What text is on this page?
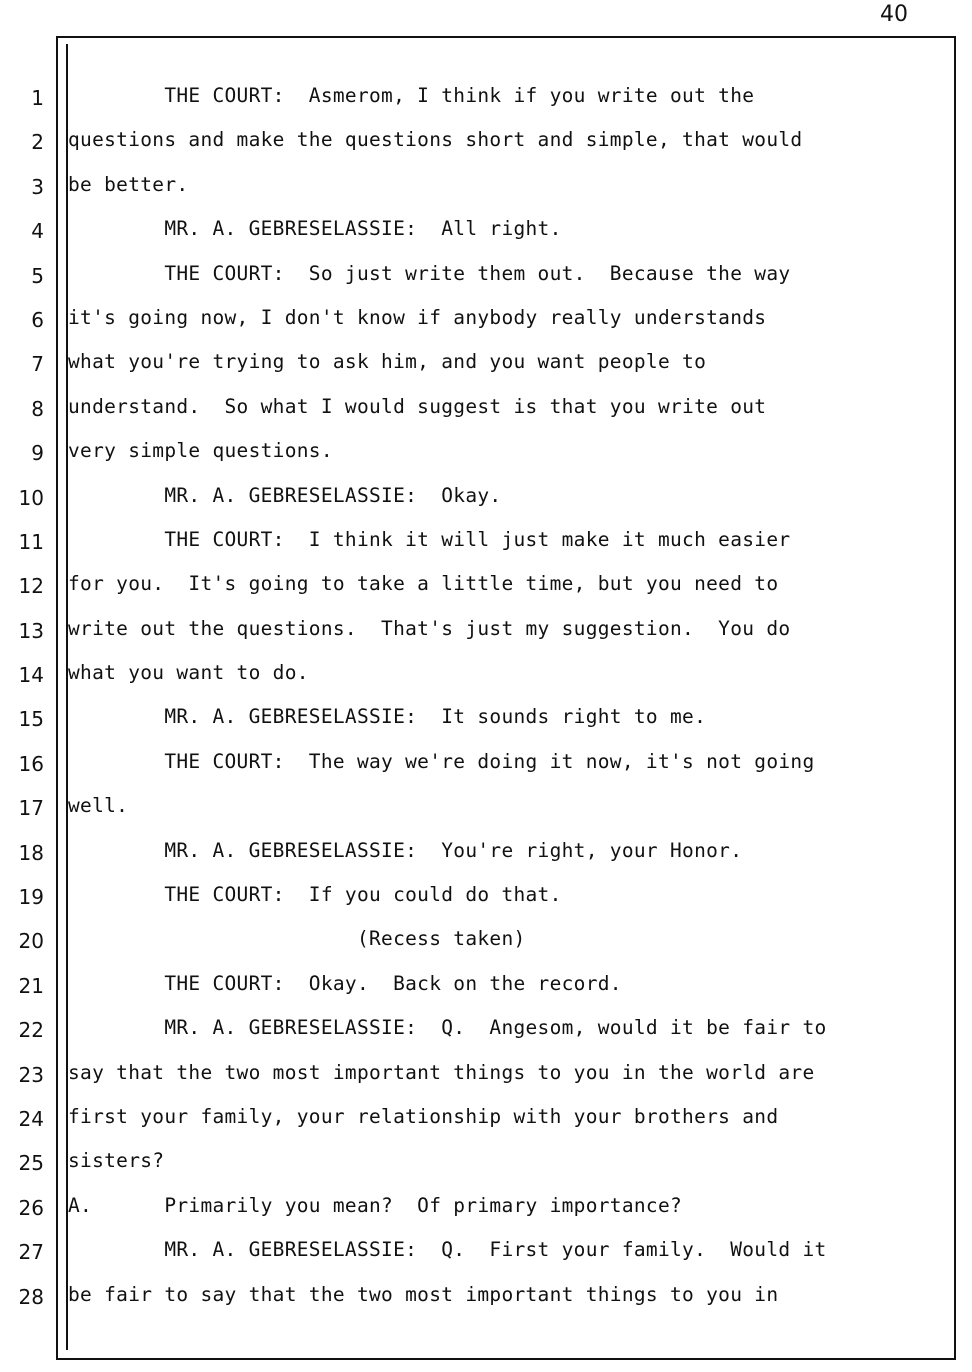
40
1
2
3
4
5
6
7
8
9
10
11
12
13
14
15
16
17
18
19
20
21
22
23
24
25
26
27
28
THE COURT:  Asmerom, I think if you write out the
questions and make the questions short and simple, that would
be better.
MR. A. GEBRESELASSIE:  All right.
THE COURT:  So just write them out.  Because the way
it's going now, I don't know if anybody really understands
what you're trying to ask him, and you want people to
understand.  So what I would suggest is that you write out
very simple questions.
MR. A. GEBRESELASSIE:  Okay.
THE COURT:  I think it will just make it much easier
for you.  It's going to take a little time, but you need to
write out the questions.  That's just my suggestion.  You do
what you want to do.
MR. A. GEBRESELASSIE:  It sounds right to me.
THE COURT:  The way we're doing it now, it's not going
well.
MR. A. GEBRESELASSIE:  You're right, your Honor.
THE COURT:  If you could do that.
(Recess taken)
THE COURT:  Okay.  Back on the record.
MR. A. GEBRESELASSIE:  Q.  Angesom, would it be fair to
say that the two most important things to you in the world are
first your family, your relationship with your brothers and
sisters?
A.      Primarily you mean?  Of primary importance?
MR. A. GEBRESELASSIE:  Q.  First your family.  Would it
be fair to say that the two most important things to you in
